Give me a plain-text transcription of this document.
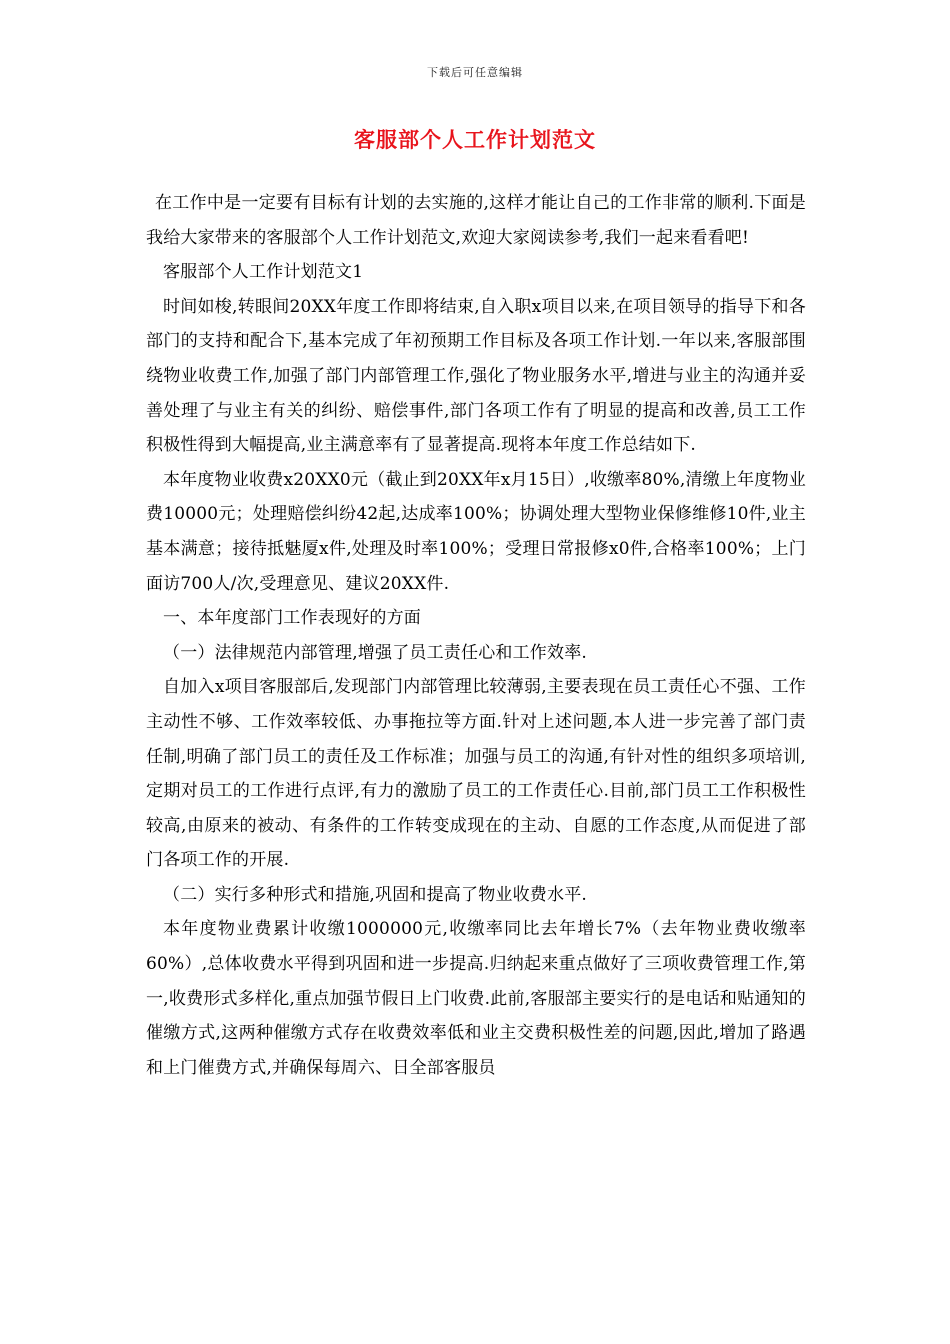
下载后可任意编辑
客服部个人工作计划范文

在工作中是一定要有目标有计划的去实施的,这样才能让自己的工作非常的顺利.下面是我给大家带来的客服部个人工作计划范文,欢迎大家阅读参考,我们一起来看看吧!

客服部个人工作计划范文1

时间如梭,转眼间20XX年度工作即将结束,自入职x项目以来,在项目领导的指导下和各部门的支持和配合下,基本完成了年初预期工作目标及各项工作计划.一年以来,客服部围绕物业收费工作,加强了部门内部管理工作,强化了物业服务水平,增进与业主的沟通并妥善处理了与业主有关的纠纷、赔偿事件,部门各项工作有了明显的提高和改善,员工工作积极性得到大幅提高,业主满意率有了显著提高.现将本年度工作总结如下.

本年度物业收费x20XX0元（截止到20XX年x月15日）,收缴率80%,清缴上年度物业费10000元；处理赔偿纠纷42起,达成率100%；协调处理大型物业保修维修10件,业主基本满意；接待抵魅厦x件,处理及时率100%；受理日常报修x0件,合格率100%；上门面访700人/次,受理意见、建议20XX件.

一、本年度部门工作表现好的方面

（一）法律规范内部管理,增强了员工责任心和工作效率.

自加入x项目客服部后,发现部门内部管理比较薄弱,主要表现在员工责任心不强、工作主动性不够、工作效率较低、办事拖拉等方面.针对上述问题,本人进一步完善了部门责任制,明确了部门员工的责任及工作标准；加强与员工的沟通,有针对性的组织多项培训,定期对员工的工作进行点评,有力的激励了员工的工作责任心.目前,部门员工工作积极性较高,由原来的被动、有条件的工作转变成现在的主动、自愿的工作态度,从而促进了部门各项工作的开展.

（二）实行多种形式和措施,巩固和提高了物业收费水平.

本年度物业费累计收缴1000000元,收缴率同比去年增长7%（去年物业费收缴率60%）,总体收费水平得到巩固和进一步提高.归纳起来重点做好了三项收费管理工作,第一,收费形式多样化,重点加强节假日上门收费.此前,客服部主要实行的是电话和贴通知的催缴方式,这两种催缴方式存在收费效率低和业主交费积极性差的问题,因此,增加了路遇和上门催费方式,并确保每周六、日全部客服员
